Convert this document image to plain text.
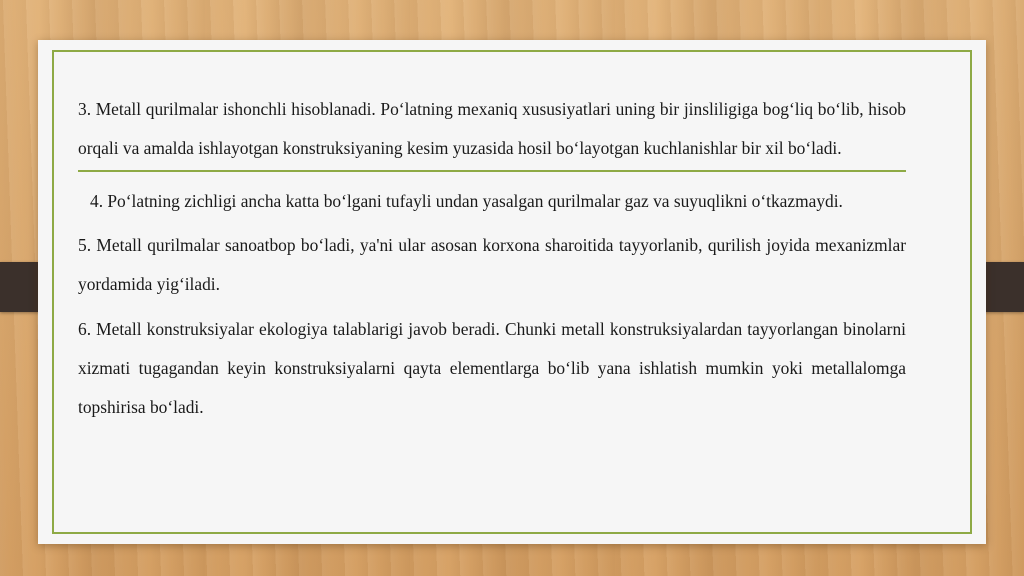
3. Metall qurilmalar ishonchli hisoblanadi. Po‘latning mexaniq xususiyatlari uning bir jinsliligiga bog‘liq bo‘lib, hisob orqali va amalda ishlayotgan konstruksiyaning kesim yuzasida hosil bo‘layotgan kuchlanishlar bir xil bo‘ladi.

4. Po‘latning zichligi ancha katta bo‘lgani tufayli undan yasalgan qurilmalar gaz va suyuqlikni o‘tkazmaydi.

5. Metall qurilmalar sanoatbop bo‘ladi, ya'ni ular asosan korxona sharoitida tayyorlanib, qurilish joyida mexanizmlar yordamida yig‘iladi.

6. Metall konstruksiyalar ekologiya talablarigi javob beradi. Chunki metall konstruksiyalardan tayyorlangan binolarni xizmati tugagandan keyin konstruksiyalarni qayta elementlarga bo‘lib yana ishlatish mumkin yoki metallalomga topshirisa bo‘ladi.
